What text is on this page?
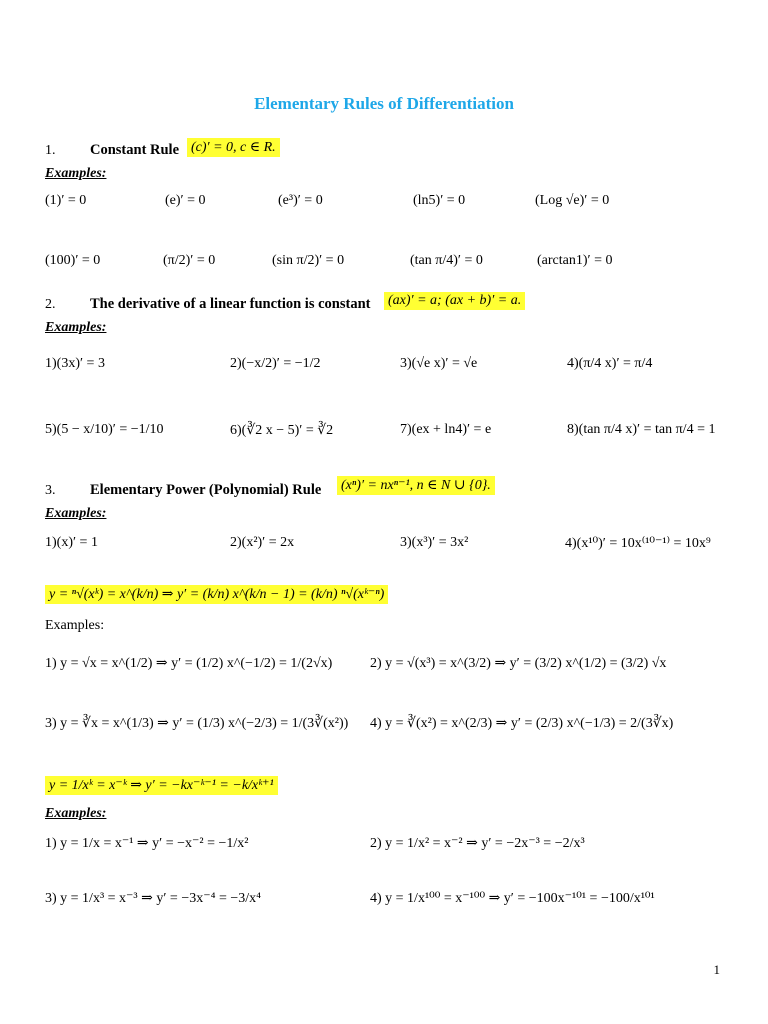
Elementary Rules of Differentiation
1. Constant Rule (c)′ = 0, c ∈ R.
Examples:
(1)′ = 0	(e)′ = 0	(e³)′ = 0	(ln5)′ = 0	(Log √e)′ = 0
(100)′ = 0	(π/2)′ = 0	(sin π/2)′ = 0	(tan π/4)′ = 0	(arctan1)′ = 0
2. The derivative of a linear function is constant (ax)′ = a; (ax + b)′ = a.
Examples:
1)(3x)′ = 3	2)(−x/2)′ = −1/2	3)(√e x)′ = √e	4)(π/4 x)′ = π/4
5)(5 − x/10)′ = −1/10	6)(∛2 x − 5)′ = ∛2	7)(ex + ln4)′ = e	8)(tan π/4 x)′ = tan π/4 = 1
3. Elementary Power (Polynomial) Rule (xⁿ)′ = nxⁿ⁻¹, n ∈ N ∪ {0}.
Examples:
1)(x)′ = 1	2)(x²)′ = 2x	3)(x³)′ = 3x²	4)(x¹⁰)′ = 10x⁽¹⁰⁻¹⁾ = 10x⁹
y = ⁿ√(xᵏ) = x^(k/n) ⇒ y′ = (k/n) x^(k/n − 1) = (k/n) ⁿ√(xᵏ⁻ⁿ)
Examples:
1) y = √x = x^(1/2) ⇒ y′ = (1/2) x^(−1/2) = 1/(2√x)	2) y = √(x³) = x^(3/2) ⇒ y′ = (3/2) x^(1/2) = (3/2) √x
3) y = ∛x = x^(1/3) ⇒ y′ = (1/3) x^(−2/3) = 1/(3∛(x²)) 4) y = ∛(x²) = x^(2/3) ⇒ y′ = (2/3) x^(−1/3) = 2/(3∛x)
y = 1/xᵏ = x⁻ᵏ ⇒ y′ = −kx⁻ᵏ⁻¹ = −k/xᵏ⁺¹
Examples:
1) y = 1/x = x⁻¹ ⇒ y′ = −x⁻² = −1/x²	2) y = 1/x² = x⁻² ⇒ y′ = −2x⁻³ = −2/x³
3) y = 1/x³ = x⁻³ ⇒ y′ = −3x⁻⁴ = −3/x⁴	4) y = 1/x¹⁰⁰ = x⁻¹⁰⁰ ⇒ y′ = −100x⁻¹⁰¹ = −100/x¹⁰¹
1
